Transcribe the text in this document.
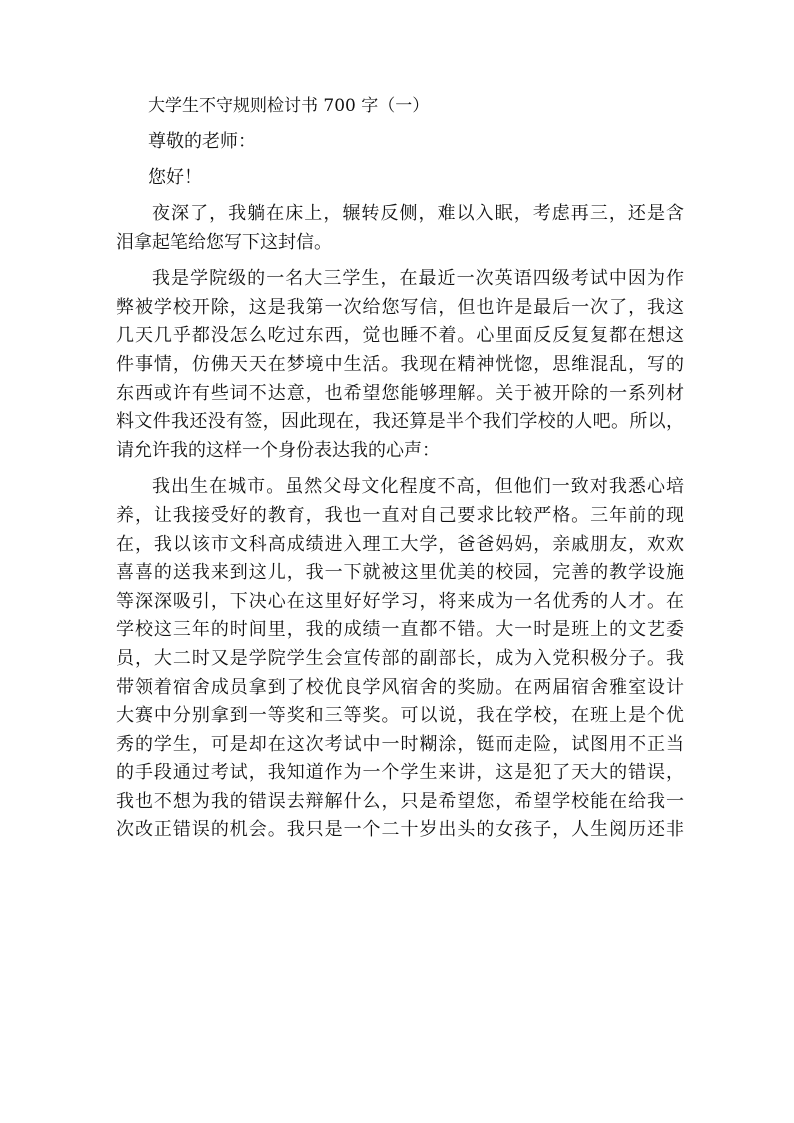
大学生不守规则检讨书 700 字（一）
尊敬的老师：
您好！
夜深了，我躺在床上，辗转反侧，难以入眠，考虑再三，还是含
泪拿起笔给您写下这封信。
我是学院级的一名大三学生，在最近一次英语四级考试中因为作
弊被学校开除，这是我第一次给您写信，但也许是最后一次了，我这
几天几乎都没怎么吃过东西，觉也睡不着。心里面反反复复都在想这
件事情，仿佛天天在梦境中生活。我现在精神恍惚，思维混乱，写的
东西或许有些词不达意，也希望您能够理解。关于被开除的一系列材
料文件我还没有签，因此现在，我还算是半个我们学校的人吧。所以，
请允许我的这样一个身份表达我的心声：
我出生在城市。虽然父母文化程度不高，但他们一致对我悉心培
养，让我接受好的教育，我也一直对自己要求比较严格。三年前的现
在，我以该市文科高成绩进入理工大学，爸爸妈妈，亲戚朋友，欢欢
喜喜的送我来到这儿，我一下就被这里优美的校园，完善的教学设施
等深深吸引，下决心在这里好好学习，将来成为一名优秀的人才。在
学校这三年的时间里，我的成绩一直都不错。大一时是班上的文艺委
员，大二时又是学院学生会宣传部的副部长，成为入党积极分子。我
带领着宿舍成员拿到了校优良学风宿舍的奖励。在两届宿舍雅室设计
大赛中分别拿到一等奖和三等奖。可以说，我在学校，在班上是个优
秀的学生，可是却在这次考试中一时糊涂，铤而走险，试图用不正当
的手段通过考试，我知道作为一个学生来讲，这是犯了天大的错误，
我也不想为我的错误去辩解什么，只是希望您，希望学校能在给我一
次改正错误的机会。我只是一个二十岁出头的女孩子，人生阅历还非
